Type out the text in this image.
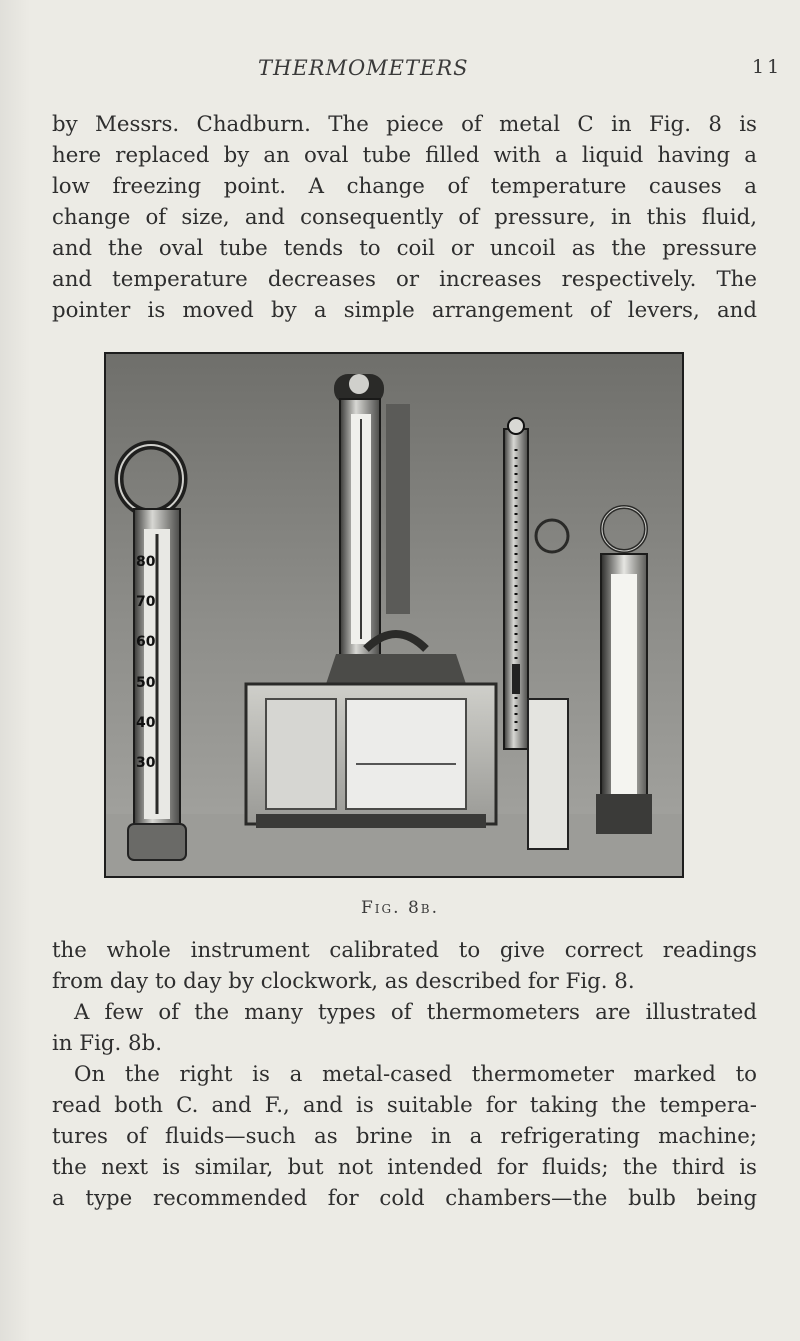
THERMOMETERS	11
by Messrs. Chadburn. The piece of metal C in Fig. 8 is
here replaced by an oval tube filled with a liquid having a
low freezing point. A change of temperature causes a
change of size, and consequently of pressure, in this fluid,
and the oval tube tends to coil or uncoil as the pressure
and temperature decreases or increases respectively. The
pointer is moved by a simple arrangement of levers, and
80
70
60
50
40
30
Fig. 8b.
the whole instrument calibrated to give correct readings
from day to day by clockwork, as described for Fig. 8.
A few of the many types of thermometers are illustrated
in Fig. 8b.
On the right is a metal-cased thermometer marked to
read both C. and F., and is suitable for taking the tempera-
tures of fluids—such as brine in a refrigerating machine;
the next is similar, but not intended for fluids; the third is
a type recommended for cold chambers—the bulb being
